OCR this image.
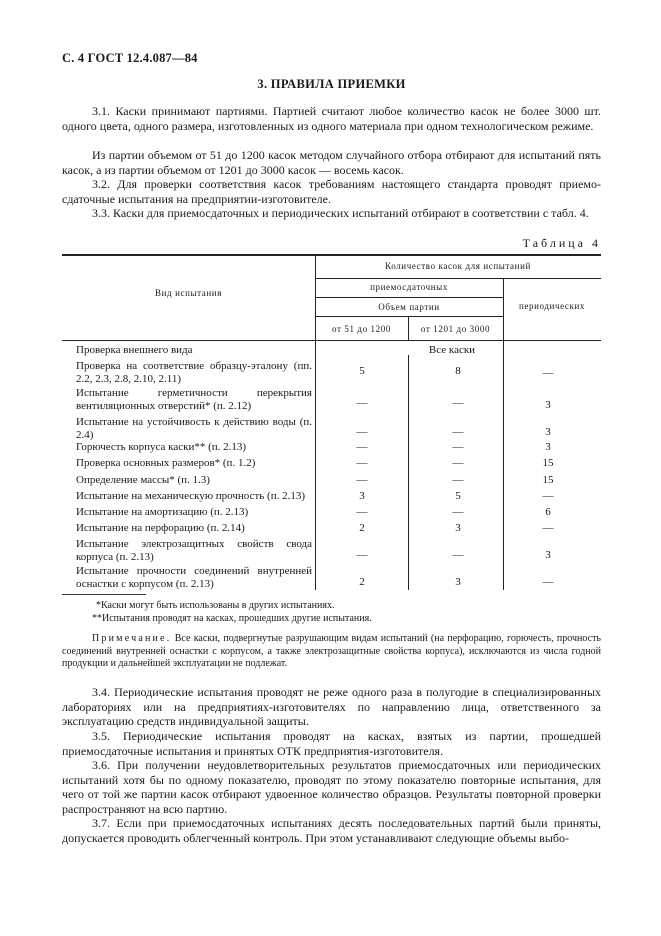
С. 4 ГОСТ 12.4.087—84
3. ПРАВИЛА ПРИЕМКИ

3.1. Каски принимают партиями. Партией считают любое количество касок не более 3000 шт. одного цвета, одного размера, изготовленных из одного материала при одном технологическом режиме.

Из партии объемом от 51 до 1200 касок методом случайного отбора отбирают для испытаний пять касок, а из партии объемом от 1201 до 3000 касок — восемь касок.

3.2. Для проверки соответствия касок требованиям настоящего стандарта проводят приемо-сдаточные испытания на предприятии-изготовителе.

3.3. Каски для приемосдаточных и периодических испытаний отбирают в соответствии с табл. 4.

Таблица 4
Вид испытания
Количество касок для испытаний
приемосдаточных
Объем партии
от 51 до 1200	от 1201 до 3000
периодических
Проверка внешнего вида	Все каски
Проверка на соответствие образцу-эталону (пп. 2.2, 2.3, 2.8, 2.10, 2.11)
5	8	—
Испытание герметичности перекрытия вентиляционных отверстий* (п. 2.12)	—	—	3
Испытание на устойчивость к действию воды (п. 2.4)	—	—	3
Горючесть корпуса каски** (п. 2.13)	—	—	3
Проверка основных размеров* (п. 1.2)	—	—	15
Определение массы* (п. 1.3)	—	—	15
Испытание на механическую прочность (п. 2.13)	3	5	—
Испытание на амортизацию (п. 2.13)	—	—	6
Испытание на перфорацию (п. 2.14)	2	3	—
Испытание электрозащитных свойств свода корпуса (п. 2.13)	—	—	3
Испытание прочности соединений внутренней оснастки с корпусом (п. 2.13)	2	3	—
*Каски могут быть использованы в других испытаниях.
**Испытания проводят на касках, прошедших другие испытания.

Примечание. Все каски, подвергнутые разрушающим видам испытаний (на перфорацию, горючесть, прочность соединений внутренней оснастки с корпусом, а также электрозащитные свойства корпуса), исключаются из числа годной продукции и дальнейшей эксплуатации не подлежат.

3.4. Периодические испытания проводят не реже одного раза в полугодие в специализированных лабораториях или на предприятиях-изготовителях по направлению лица, ответственного за эксплуатацию средств индивидуальной защиты.

3.5. Периодические испытания проводят на касках, взятых из партии, прошедшей приемосдаточные испытания и принятых ОТК предприятия-изготовителя.

3.6. При получении неудовлетворительных результатов приемосдаточных или периодических испытаний хотя бы по одному показателю, проводят по этому показателю повторные испытания, для чего от той же партии касок отбирают удвоенное количество образцов. Результаты повторной проверки распространяют на всю партию.

3.7. Если при приемосдаточных испытаниях десять последовательных партий были приняты, допускается проводить облегченный контроль. При этом устанавливают следующие объемы выбо-
